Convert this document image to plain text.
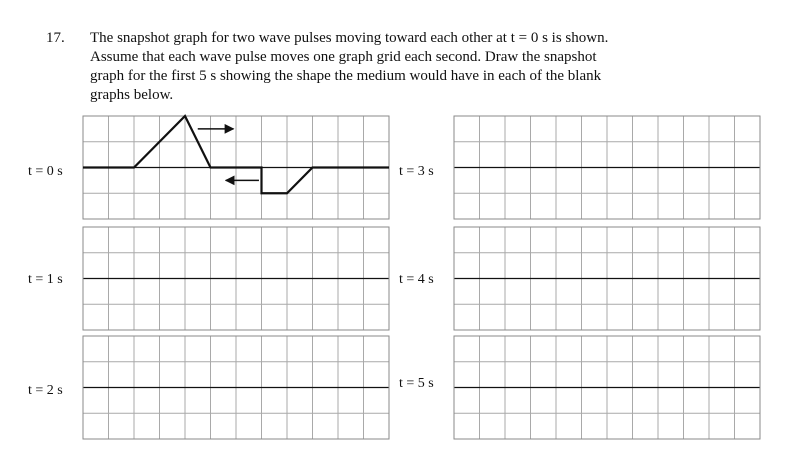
17. The snapshot graph for two wave pulses moving toward each other at t = 0 s is shown.
Assume that each wave pulse moves one graph grid each second. Draw the snapshot
graph for the first 5 s showing the shape the medium would have in each of the blank
graphs below.
t = 0 s
t = 1 s
t = 2 s
t = 3 s
t = 4 s
t = 5 s
